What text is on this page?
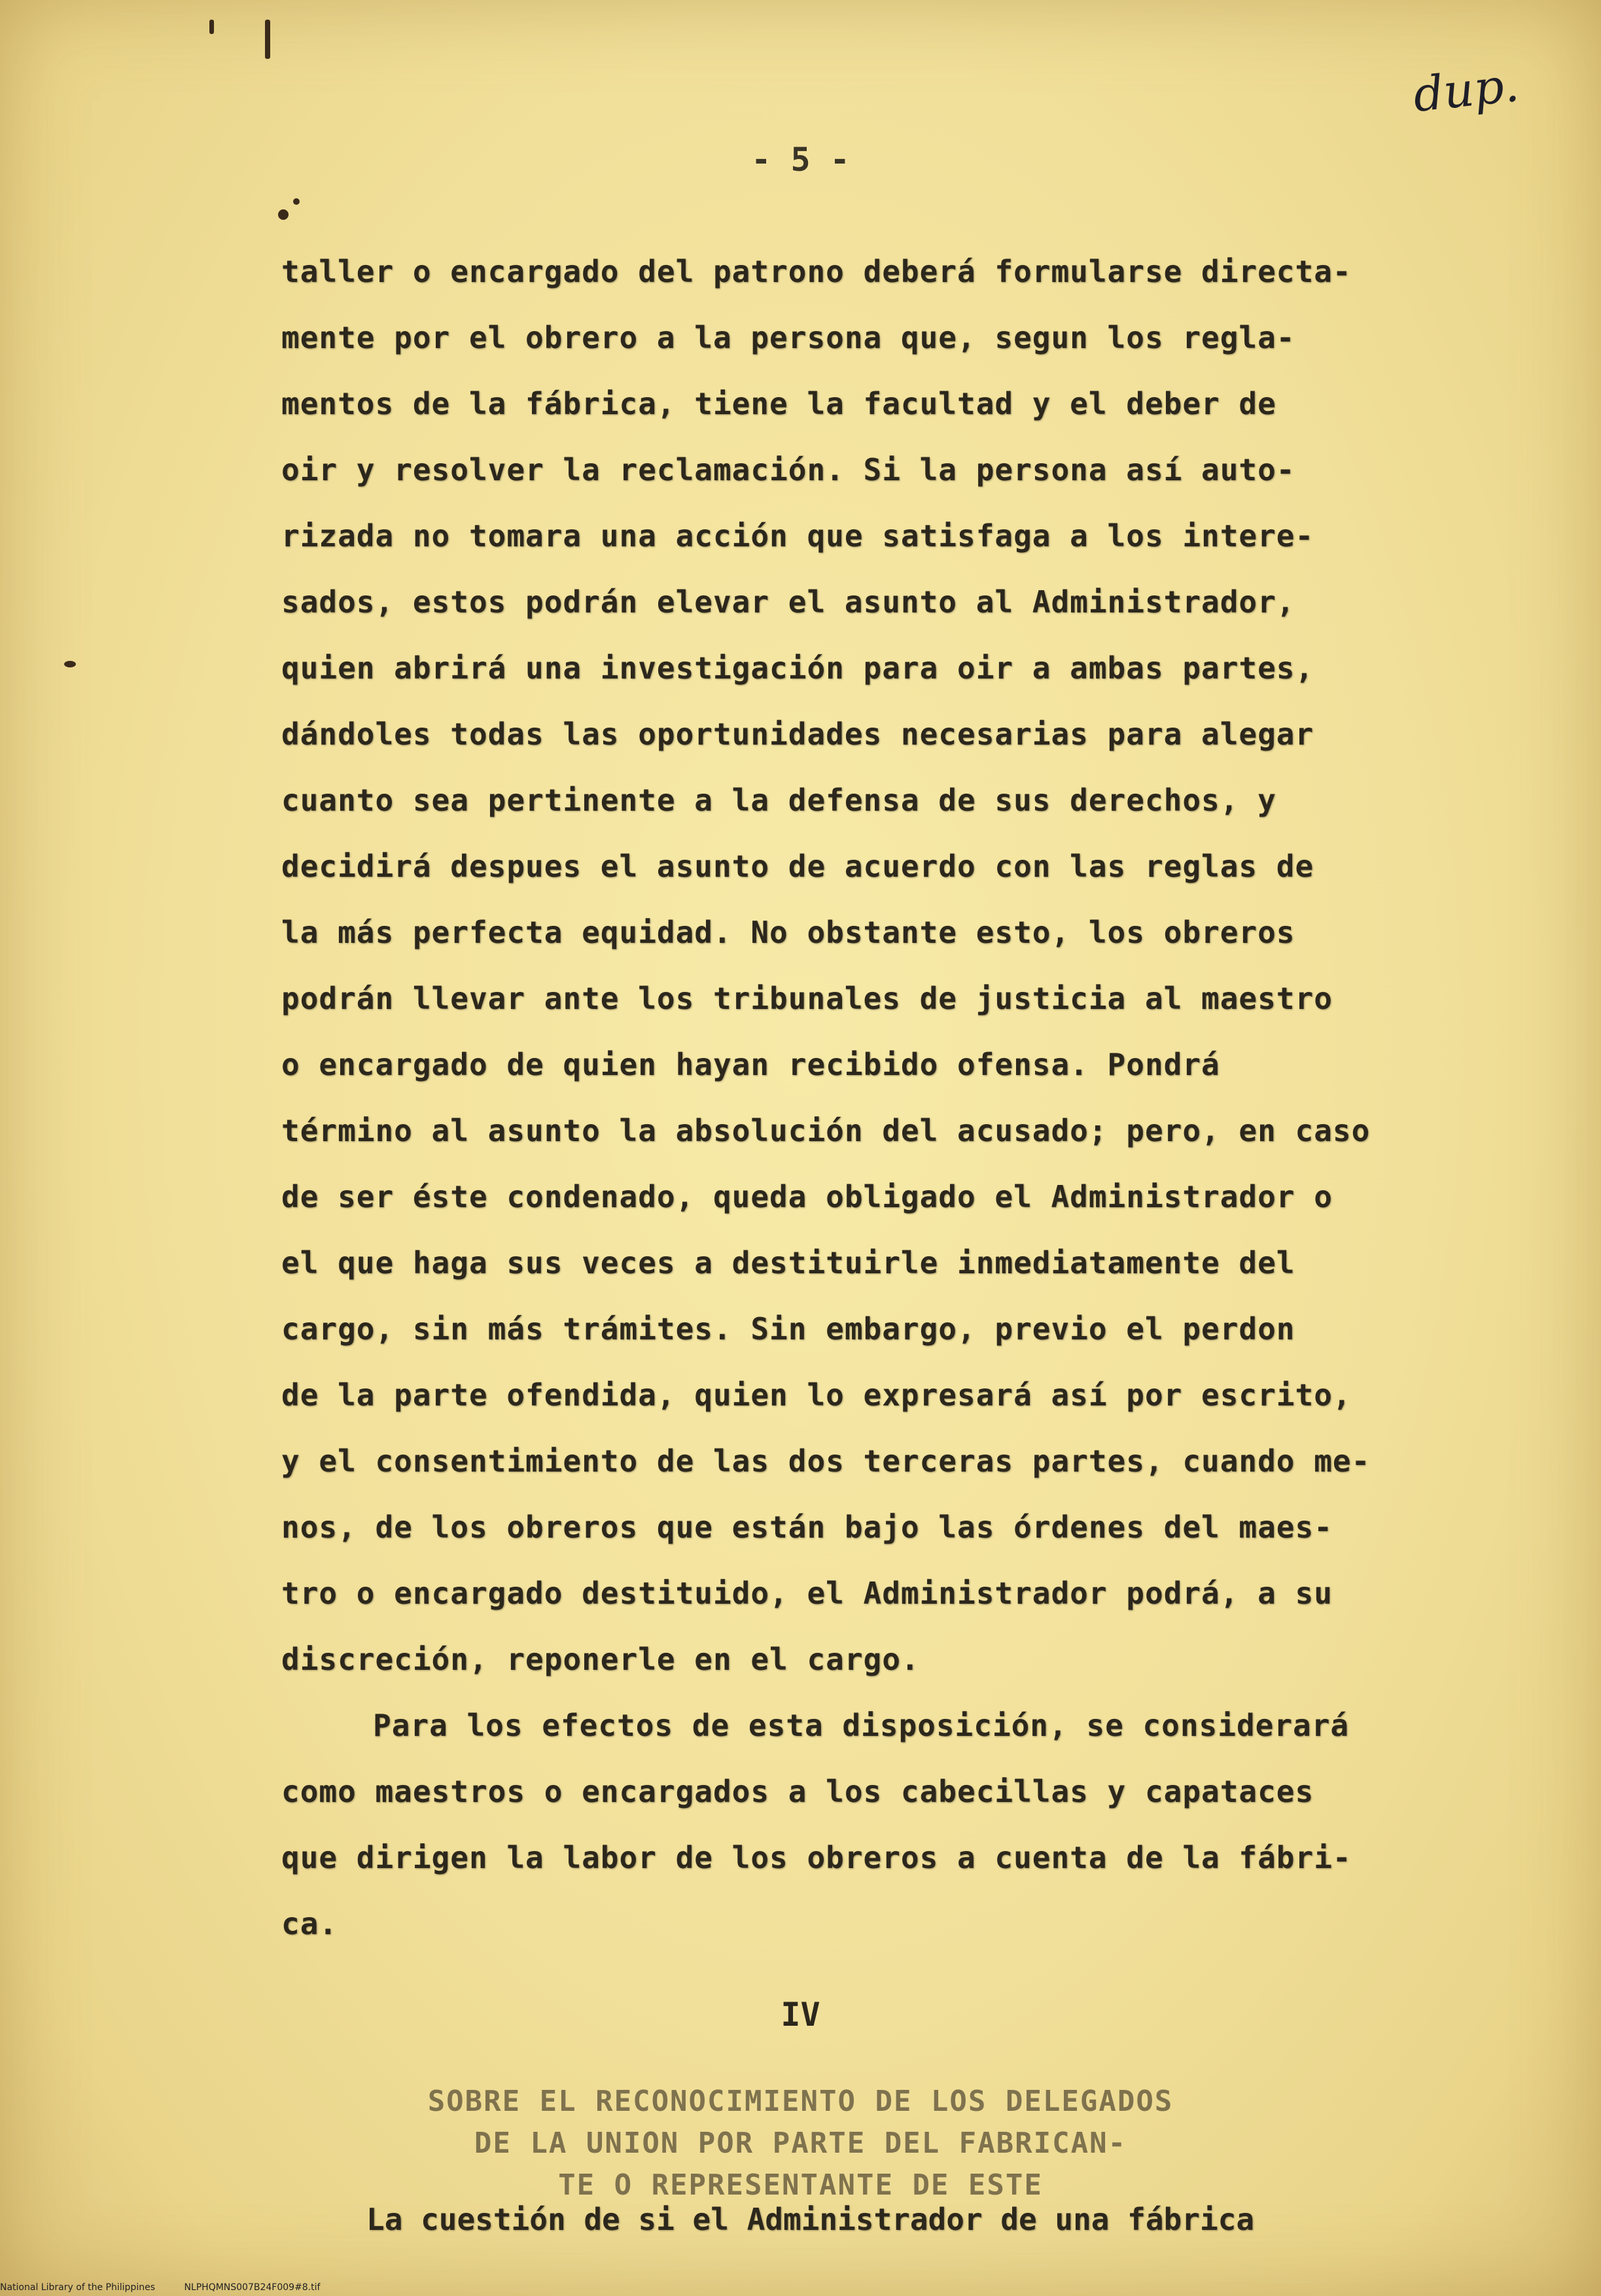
dup.
- 5 -
taller o encargado del patrono deberá formularse directa-
mente por el obrero a la persona que, segun los regla-
mentos de la fábrica, tiene la facultad y el deber de
oir y resolver la reclamación. Si la persona así auto-
rizada no tomara una acción que satisfaga a los intere-
sados, estos podrán elevar el asunto al Administrador,
quien abrirá una investigación para oir a ambas partes,
dándoles todas las oportunidades necesarias para alegar
cuanto sea pertinente a la defensa de sus derechos, y
decidirá despues el asunto de acuerdo con las reglas de
la más perfecta equidad. No obstante esto, los obreros
podrán llevar ante los tribunales de justicia al maestro
o encargado de quien hayan recibido ofensa. Pondrá
término al asunto la absolución del acusado; pero, en caso
de ser éste condenado, queda obligado el Administrador o
el que haga sus veces a destituirle inmediatamente del
cargo, sin más trámites. Sin embargo, previo el perdon
de la parte ofendida, quien lo expresará así por escrito,
y el consentimiento de las dos terceras partes, cuando me-
nos, de los obreros que están bajo las órdenes del maes-
tro o encargado destituido, el Administrador podrá, a su
discreción, reponerle en el cargo.
Para los efectos de esta disposición, se considerará
como maestros o encargados a los cabecillas y capataces
que dirigen la labor de los obreros a cuenta de la fábri-
ca.
IV
SOBRE EL RECONOCIMIENTO DE LOS DELEGADOS
DE LA UNION POR PARTE DEL FABRICAN-
TE O REPRESENTANTE DE ESTE
La cuestión de si el Administrador de una fábrica
National Library of the Philippines	NLPHQMNS007B24F009#8.tif
